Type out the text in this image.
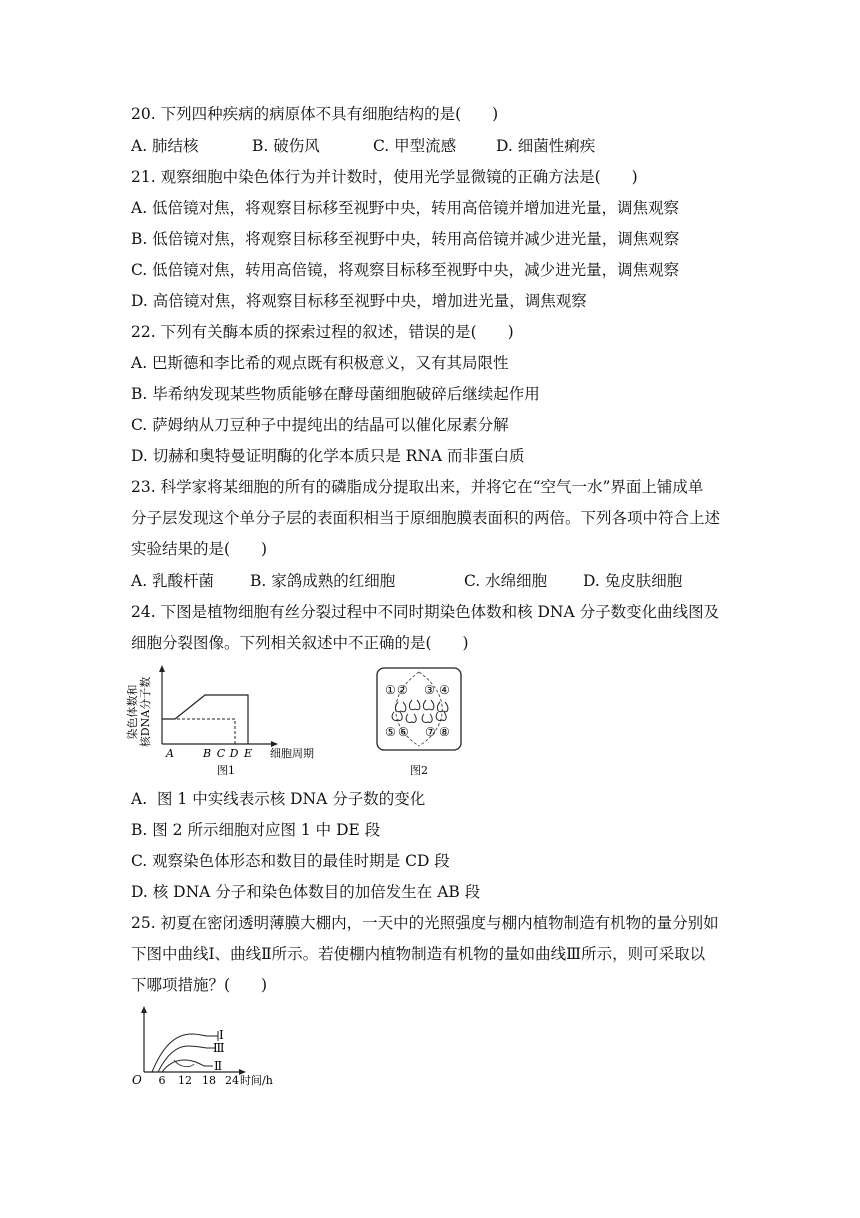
20. 下列四种疾病的病原体不具有细胞结构的是(　　)
A. 肺结核	B. 破伤风	C. 甲型流感	D. 细菌性痢疾
21. 观察细胞中染色体行为并计数时，使用光学显微镜的正确方法是(　　)
A. 低倍镜对焦，将观察目标移至视野中央，转用高倍镜并增加进光量，调焦观察
B. 低倍镜对焦，将观察目标移至视野中央，转用高倍镜并减少进光量，调焦观察
C. 低倍镜对焦，转用高倍镜，将观察目标移至视野中央，减少进光量，调焦观察
D. 高倍镜对焦，将观察目标移至视野中央，增加进光量，调焦观察
22. 下列有关酶本质的探索过程的叙述，错误的是(　　)
A. 巴斯德和李比希的观点既有积极意义，又有其局限性
B. 毕希纳发现某些物质能够在酵母菌细胞破碎后继续起作用
C. 萨姆纳从刀豆种子中提纯出的结晶可以催化尿素分解
D. 切赫和奥特曼证明酶的化学本质只是 RNA 而非蛋白质
23. 科学家将某细胞的所有的磷脂成分提取出来，并将它在“空气一水”界面上铺成单
分子层发现这个单分子层的表面积相当于原细胞膜表面积的两倍。下列各项中符合上述
实验结果的是(　　)
A. 乳酸杆菌	B. 家鸽成熟的红细胞	C. 水绵细胞	D. 兔皮肤细胞
24. 下图是植物细胞有丝分裂过程中不同时期染色体数和核 DNA 分子数变化曲线图及
细胞分裂图像。下列相关叙述中不正确的是(　　)
染色体数和 核DNA分子数
A	B C D E 细胞周期
图1
① ② ③ ④
⑤ ⑥ ⑦ ⑧
图2
A.  图 1 中实线表示核 DNA 分子数的变化
B. 图 2 所示细胞对应图 1 中 DE 段
C. 观察染色体形态和数目的最佳时期是 CD 段
D. 核 DNA 分子和染色体数目的加倍发生在 AB 段
25. 初夏在密闭透明薄膜大棚内，一天中的光照强度与棚内植物制造有机物的量分别如
下图中曲线Ⅰ、曲线Ⅱ所示。若使棚内植物制造有机物的量如曲线Ⅲ所示，则可采取以
下哪项措施？(　　)
Ⅰ
Ⅲ
Ⅱ
O 6 12 18 24 时间/h
